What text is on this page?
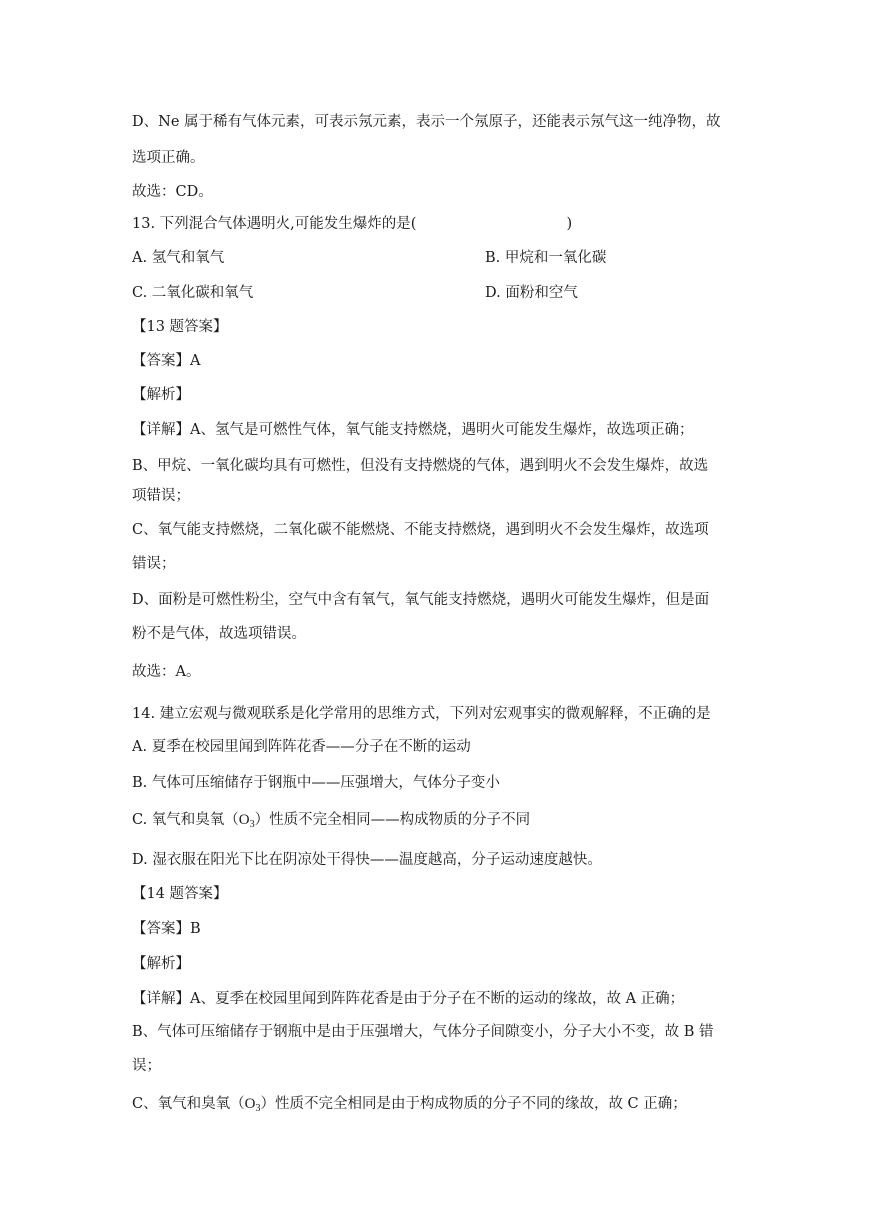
D、Ne 属于稀有气体元素，可表示氖元素，表示一个氖原子，还能表示氖气这一纯净物，故
选项正确。
故选：CD。
13. 下列混合气体遇明火,可能发生爆炸的是(	)
A. 氢气和氧气	B. 甲烷和一氧化碳
C. 二氧化碳和氧气	D. 面粉和空气
【13 题答案】
【答案】A
【解析】
【详解】A、氢气是可燃性气体，氧气能支持燃烧，遇明火可能发生爆炸，故选项正确；
B、甲烷、一氧化碳均具有可燃性，但没有支持燃烧的气体，遇到明火不会发生爆炸，故选
项错误；
C、氧气能支持燃烧，二氧化碳不能燃烧、不能支持燃烧，遇到明火不会发生爆炸，故选项
错误；
D、面粉是可燃性粉尘，空气中含有氧气，氧气能支持燃烧，遇明火可能发生爆炸，但是面
粉不是气体，故选项错误。
故选：A。
14. 建立宏观与微观联系是化学常用的思维方式，下列对宏观事实的微观解释，不正确的是
A. 夏季在校园里闻到阵阵花香——分子在不断的运动
B. 气体可压缩储存于钢瓶中——压强增大，气体分子变小
C. 氧气和臭氧$(O_3)$性质不完全相同——构成物质的分子不同
D. 湿衣服在阳光下比在阴凉处干得快——温度越高，分子运动速度越快。
【14 题答案】
【答案】B
【解析】
【详解】A、夏季在校园里闻到阵阵花香是由于分子在不断的运动的缘故，故 A 正确；
B、气体可压缩储存于钢瓶中是由于压强增大，气体分子间隙变小，分子大小不变，故 B 错
误；
C、氧气和臭氧$(O_3)$性质不完全相同是由于构成物质的分子不同的缘故，故 C 正确；
